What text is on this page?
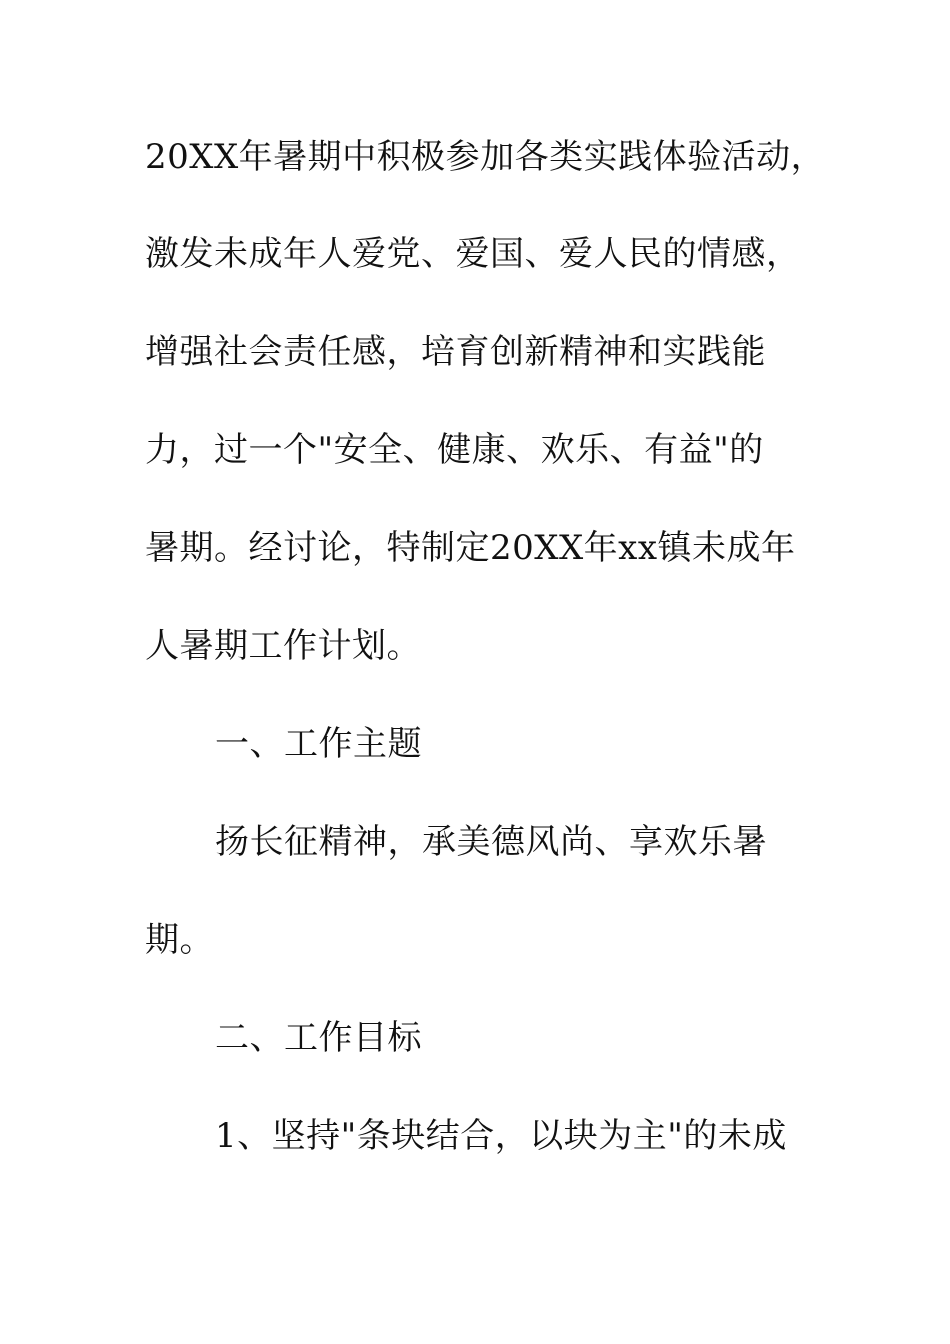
20XX年暑期中积极参加各类实践体验活动，
激发未成年人爱党、爱国、爱人民的情感，
增强社会责任感，培育创新精神和实践能
力，过一个"安全、健康、欢乐、有益"的
暑期。经讨论，特制定20XX年xx镇未成年
人暑期工作计划。
一、工作主题
扬长征精神，承美德风尚、享欢乐暑
期。
二、工作目标
1、坚持"条块结合，以块为主"的未成
